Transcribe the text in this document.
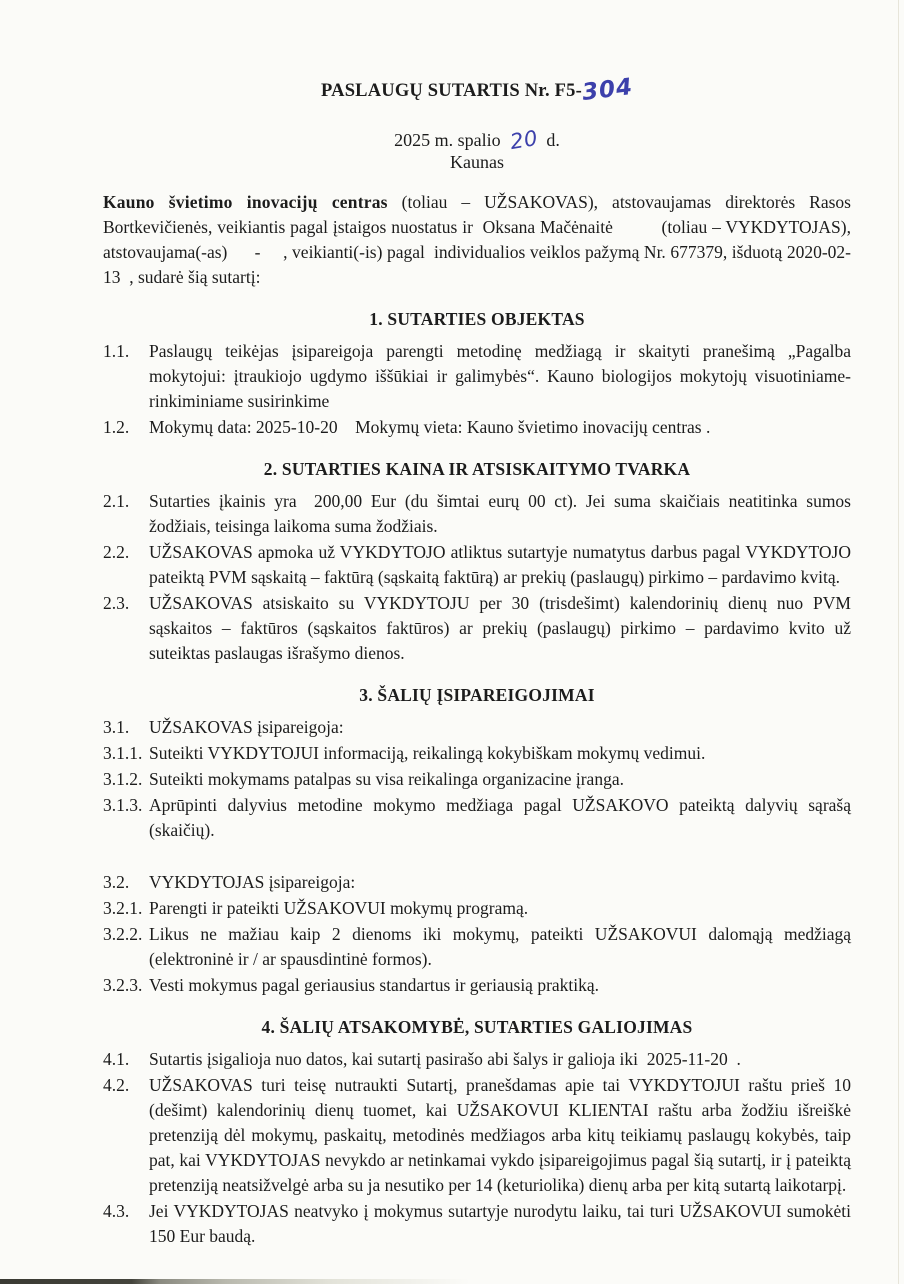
PASLAUGŲ SUTARTIS Nr. F5-304
2025 m. spalio 20 d.
Kaunas
Kauno švietimo inovacijų centras (toliau – UŽSAKOVAS), atstovaujamas direktorės Rasos Bortkevičienės, veikiantis pagal įstaigos nuostatus ir  Oksana Mačėnaitė          (toliau – VYKDYTOJAS), atstovaujama(-as)      -     , veikianti(-is) pagal  individualios veiklos pažymą Nr. 677379, išduotą 2020-02-13  , sudarė šią sutartį:
1. SUTARTIES OBJEKTAS
1.1. Paslaugų teikėjas įsipareigoja parengti metodinę medžiagą ir skaityti pranešimą „Pagalba mokytojui: įtraukiojo ugdymo iššūkiai ir galimybės“. Kauno biologijos mokytojų visuotiniame-rinkiminiame susirinkime
1.2. Mokymų data: 2025-10-20    Mokymų vieta: Kauno švietimo inovacijų centras .
2. SUTARTIES KAINA IR ATSISKAITYMO TVARKA
2.1. Sutarties įkainis yra  200,00 Eur (du šimtai eurų 00 ct). Jei suma skaičiais neatitinka sumos žodžiais, teisinga laikoma suma žodžiais.
2.2. UŽSAKOVAS apmoka už VYKDYTOJO atliktus sutartyje numatytus darbus pagal VYKDYTOJO pateiktą PVM sąskaitą – faktūrą (sąskaitą faktūrą) ar prekių (paslaugų) pirkimo – pardavimo kvitą.
2.3. UŽSAKOVAS atsiskaito su VYKDYTOJU per 30 (trisdešimt) kalendorinių dienų nuo PVM sąskaitos – faktūros (sąskaitos faktūros) ar prekių (paslaugų) pirkimo – pardavimo kvito už suteiktas paslaugas išrašymo dienos.
3. ŠALIŲ ĮSIPAREIGOJIMAI
3.1. UŽSAKOVAS įsipareigoja:
3.1.1. Suteikti VYKDYTOJUI informaciją, reikalingą kokybiškam mokymų vedimui.
3.1.2. Suteikti mokymams patalpas su visa reikalinga organizacine įranga.
3.1.3. Aprūpinti dalyvius metodine mokymo medžiaga pagal UŽSAKOVO pateiktą dalyvių sąrašą (skaičių).
3.2. VYKDYTOJAS įsipareigoja:
3.2.1. Parengti ir pateikti UŽSAKOVUI mokymų programą.
3.2.2. Likus ne mažiau kaip 2 dienoms iki mokymų, pateikti UŽSAKOVUI dalomąją medžiagą (elektroninė ir / ar spausdintinė formos).
3.2.3. Vesti mokymus pagal geriausius standartus ir geriausią praktiką.
4. ŠALIŲ ATSAKOMYBĖ, SUTARTIES GALIOJIMAS
4.1. Sutartis įsigalioja nuo datos, kai sutartį pasirašo abi šalys ir galioja iki  2025-11-20  .
4.2. UŽSAKOVAS turi teisę nutraukti Sutartį, pranešdamas apie tai VYKDYTOJUI raštu prieš 10 (dešimt) kalendorinių dienų tuomet, kai UŽSAKOVUI KLIENTAI raštu arba žodžiu išreiškė pretenziją dėl mokymų, paskaitų, metodinės medžiagos arba kitų teikiamų paslaugų kokybės, taip pat, kai VYKDYTOJAS nevykdo ar netinkamai vykdo įsipareigojimus pagal šią sutartį, ir į pateiktą pretenziją neatsižvelgė arba su ja nesutiko per 14 (keturiolika) dienų arba per kitą sutartą laikotarpį.
4.3. Jei VYKDYTOJAS neatvyko į mokymus sutartyje nurodytu laiku, tai turi UŽSAKOVUI sumokėti 150 Eur baudą.
